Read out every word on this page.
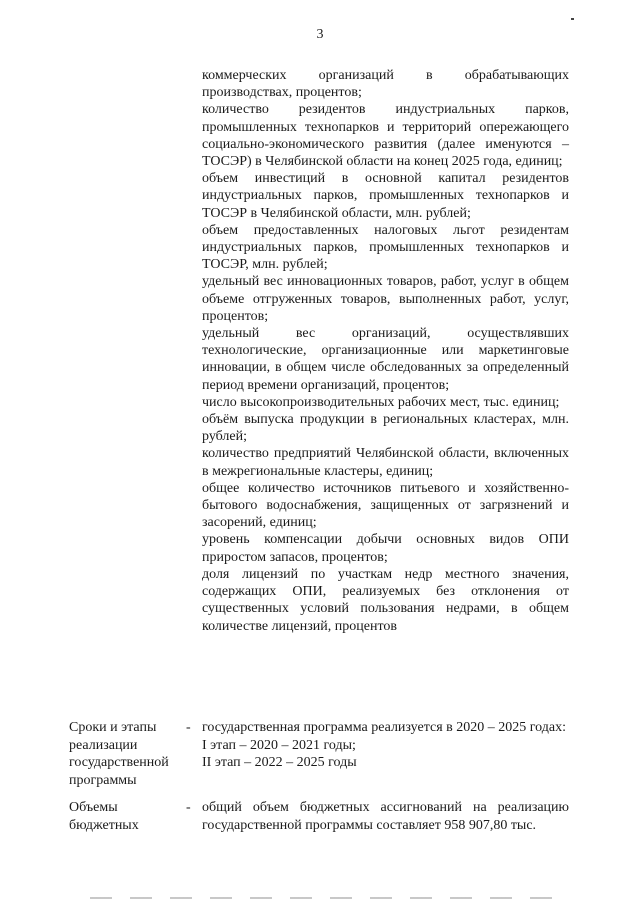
3

коммерческих организаций в обрабатывающих производствах, процентов;

количество резидентов индустриальных парков, промышленных технопарков и территорий опережающего социально-экономического развития (далее именуются – ТОСЭР) в Челябинской области на конец 2025 года, единиц;

объем инвестиций в основной капитал резидентов индустриальных парков, промышленных технопарков и ТОСЭР в Челябинской области, млн. рублей;

объем предоставленных налоговых льгот резидентам индустриальных парков, промышленных технопарков и ТОСЭР, млн. рублей;

удельный вес инновационных товаров, работ, услуг в общем объеме отгруженных товаров, выполненных работ, услуг, процентов;

удельный вес организаций, осуществлявших технологические, организационные или маркетинговые инновации, в общем числе обследованных за определенный период времени организаций, процентов;

число высокопроизводительных рабочих мест, тыс. единиц;

объём выпуска продукции в региональных кластерах, млн. рублей;

количество предприятий Челябинской области, включенных в межрегиональные кластеры, единиц;

общее количество источников питьевого и хозяйственно-бытового водоснабжения, защищенных от загрязнений и засорений, единиц;

уровень компенсации добычи основных видов ОПИ приростом запасов, процентов;

доля лицензий по участкам недр местного значения, содержащих ОПИ, реализуемых без отклонения от существенных условий пользования недрами, в общем количестве лицензий, процентов

Сроки и этапы реализации государственной программы
- государственная программа реализуется в 2020 – 2025 годах:

I этап – 2020 – 2021 годы;

II этап – 2022 – 2025 годы

Объемы бюджетных
- общий объем бюджетных ассигнований на реализацию государственной программы составляет 958 907,80 тыс.
